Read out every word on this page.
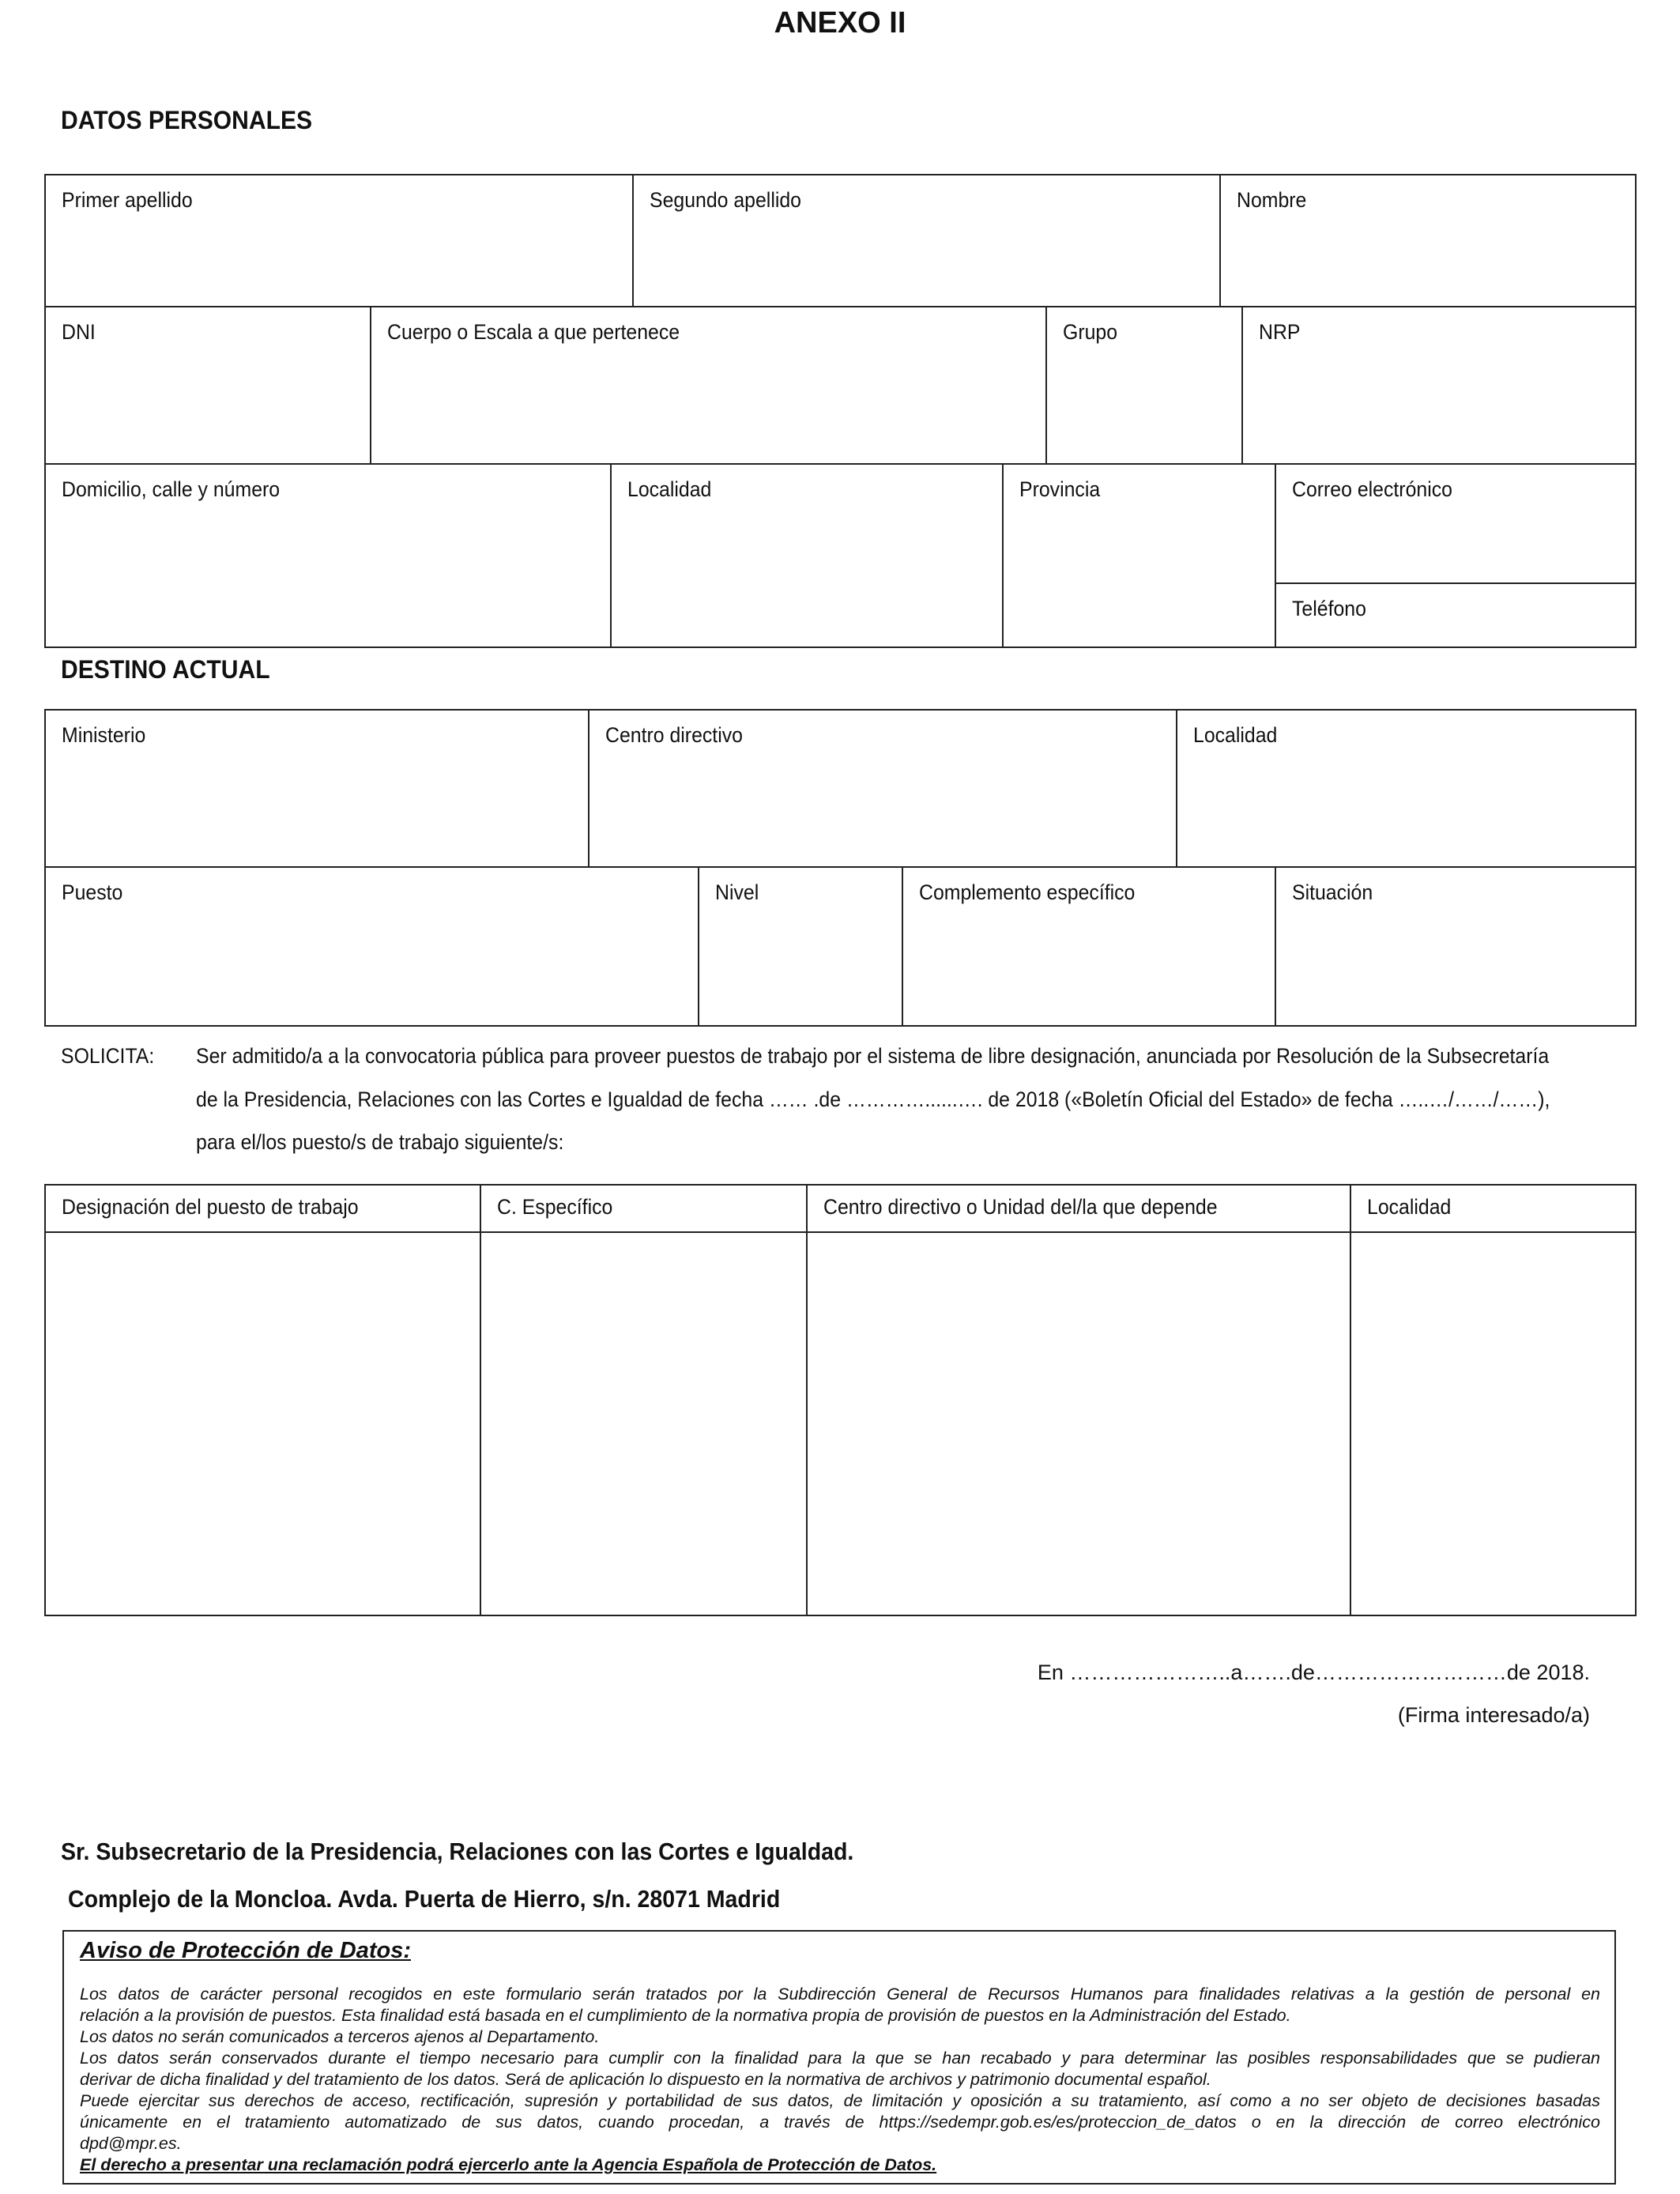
ANEXO II
DATOS PERSONALES
Primer apellido	Segundo apellido	Nombre
DNI	Cuerpo o Escala a que pertenece	Grupo	NRP
Domicilio, calle y número	Localidad	Provincia	Correo electrónico
Teléfono
DESTINO ACTUAL
Ministerio	Centro directivo	Localidad
Puesto	Nivel	Complemento específico	Situación
SOLICITA: Ser admitido/a a la convocatoria pública para proveer puestos de trabajo por el sistema de libre designación, anunciada por Resolución de la Subsecretaría
de la Presidencia, Relaciones con las Cortes e Igualdad de fecha …… .de …………......…. de 2018 («Boletín Oficial del Estado» de fecha …..…/……/……),
para el/los puesto/s de trabajo siguiente/s:
Designación del puesto de trabajo	C. Específico	Centro directivo o Unidad del/la que depende	Localidad
En …………………..a…….de………………………de 2018.
(Firma interesado/a)
Sr. Subsecretario de la Presidencia, Relaciones con las Cortes e Igualdad.
Complejo de la Moncloa. Avda. Puerta de Hierro, s/n. 28071 Madrid
Aviso de Protección de Datos:
Los datos de carácter personal recogidos en este formulario serán tratados por la Subdirección General de Recursos Humanos para finalidades relativas a la gestión de personal en
relación a la provisión de puestos. Esta finalidad está basada en el cumplimiento de la normativa propia de provisión de puestos en la Administración del Estado.
Los datos no serán comunicados a terceros ajenos al Departamento.
Los datos serán conservados durante el tiempo necesario para cumplir con la finalidad para la que se han recabado y para determinar las posibles responsabilidades que se pudieran
derivar de dicha finalidad y del tratamiento de los datos. Será de aplicación lo dispuesto en la normativa de archivos y patrimonio documental español.
Puede ejercitar sus derechos de acceso, rectificación, supresión y portabilidad de sus datos, de limitación y oposición a su tratamiento, así como a no ser objeto de decisiones basadas
únicamente en el tratamiento automatizado de sus datos, cuando procedan, a través de https://sedempr.gob.es/es/proteccion_de_datos o en la dirección de correo electrónico
dpd@mpr.es.
El derecho a presentar una reclamación podrá ejercerlo ante la Agencia Española de Protección de Datos.
